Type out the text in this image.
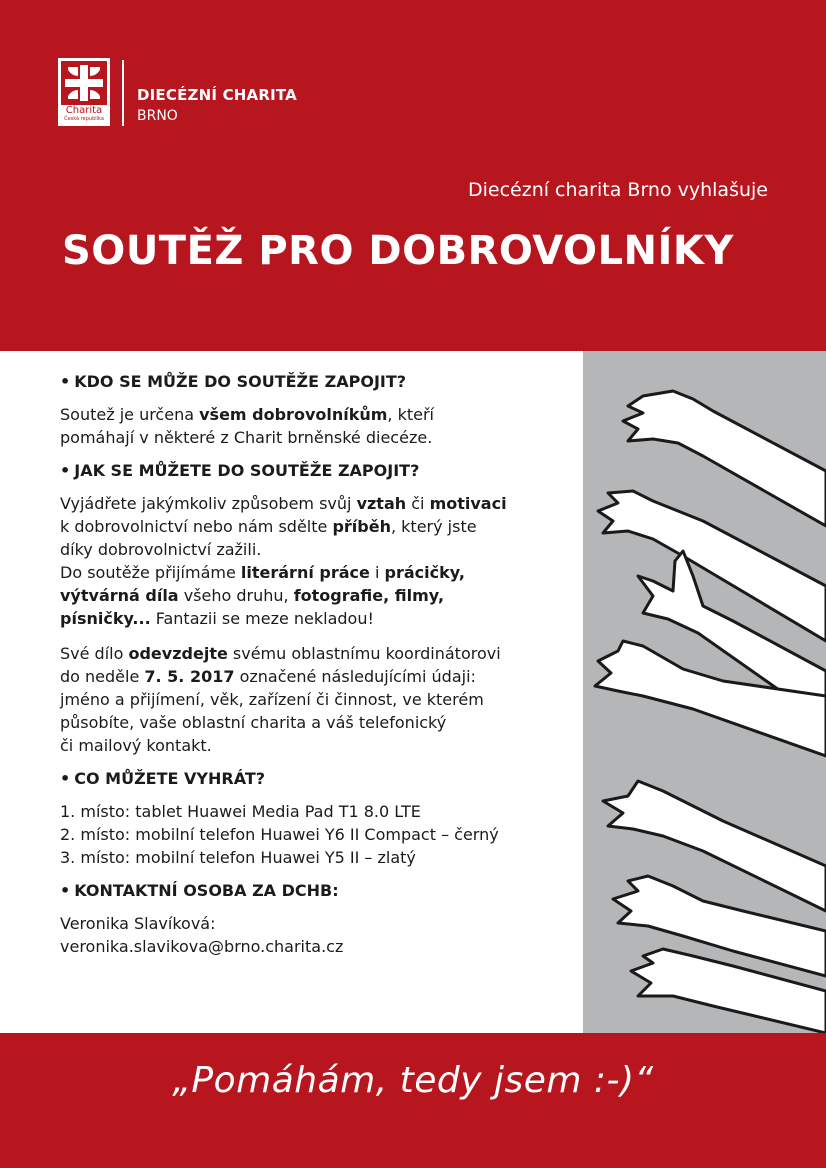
Charita
Česká republika
DIECÉZNÍ CHARITA
BRNO
Diecézní charita Brno vyhlašuje
SOUTĚŽ PRO DOBROVOLNÍKY
• KDO SE MŮŽE DO SOUTĚŽE ZAPOJIT?
Soutež je určena všem dobrovolníkům, kteří
pomáhají v některé z Charit brněnské diecéze.
• JAK SE MŮŽETE DO SOUTĚŽE ZAPOJIT?
Vyjádřete jakýmkoliv způsobem svůj vztah či motivaci
k dobrovolnictví nebo nám sdělte příběh, který jste
díky dobrovolnictví zažili.
Do soutěže přijímáme literární práce i prácičky,
výtvárná díla všeho druhu, fotografie, filmy,
písničky... Fantazii se meze nekladou!
Své dílo odevzdejte svému oblastnímu koordinátorovi
do neděle 7. 5. 2017 označené následujícími údaji:
jméno a přijímení, věk, zařízení či činnost, ve kterém
působíte, vaše oblastní charita a váš telefonický
či mailový kontakt.
• CO MŮŽETE VYHRÁT?
1. místo: tablet Huawei Media Pad T1 8.0 LTE
2. místo: mobilní telefon Huawei Y6 II Compact – černý
3. místo: mobilní telefon Huawei Y5 II – zlatý
• KONTAKTNÍ OSOBA ZA DCHB:
Veronika Slavíková:
veronika.slavikova@brno.charita.cz
„Pomáhám, tedy jsem :-)“
